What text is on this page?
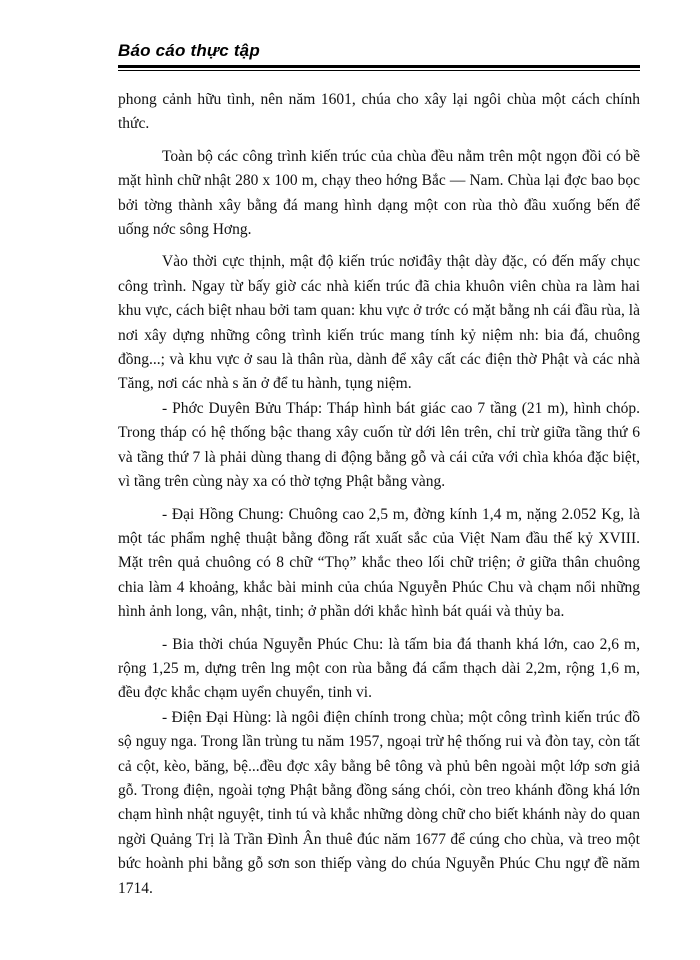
Báo cáo thực tập

phong cảnh hữu tình, nên năm 1601, chúa cho xây lại ngôi chùa một cách chính thức.

Toàn bộ các công trình kiến trúc của chùa đều nằm trên một ngọn đồi có bề mặt hình chữ nhật 280 x 100 m, chạy theo hớng Bắc — Nam. Chùa lại đợc bao bọc bởi tờng thành xây bằng đá mang hình dạng một con rùa thò đầu xuống bến để uống nớc sông Hơng.

Vào thời cực thịnh, mật độ kiến trúc nơiđây thật dày đặc, có đến mấy chục công trình. Ngay từ bấy giờ các nhà kiến trúc đã chia khuôn viên chùa ra làm hai khu vực, cách biệt nhau bởi tam quan: khu vực ở trớc có mặt bằng nh cái đầu rùa, là nơi xây dựng những công trình kiến trúc mang tính kỷ niệm nh: bia đá, chuông đồng...; và khu vực ở sau là thân rùa, dành để xây cất các điện thờ Phật và các nhà Tăng, nơi các nhà s ăn ở để tu hành, tụng niệm.

- Phớc Duyên Bửu Tháp: Tháp hình bát giác cao 7 tầng (21 m), hình chóp. Trong tháp có hệ thống bậc thang xây cuốn từ dới lên trên, chỉ trừ giữa tầng thứ 6 và tầng thứ 7 là phải dùng thang di động bằng gỗ và cái cửa với chìa khóa đặc biệt, vì tầng trên cùng này xa có thờ tợng Phật bằng vàng.

- Đại Hồng Chung: Chuông cao 2,5 m, đờng kính 1,4 m, nặng 2.052 Kg, là một tác phẩm nghệ thuật bằng đồng rất xuất sắc của Việt Nam đầu thế kỷ XVIII. Mặt trên quả chuông có 8 chữ “Thọ” khắc theo lối chữ triện; ở giữa thân chuông chia làm 4 khoảng, khắc bài minh của chúa Nguyễn Phúc Chu và chạm nổi những hình ảnh long, vân, nhật, tinh; ở phần dới khắc hình bát quái và thủy ba.

- Bia thời chúa Nguyễn Phúc Chu: là tấm bia đá thanh khá lớn, cao 2,6 m, rộng 1,25 m, dựng trên lng một con rùa bằng đá cẩm thạch dài 2,2m, rộng 1,6 m, đều đợc khắc chạm uyển chuyển, tinh vi.

- Điện Đại Hùng: là ngôi điện chính trong chùa; một công trình kiến trúc đồ sộ nguy nga. Trong lần trùng tu năm 1957, ngoại trừ hệ thống rui và đòn tay, còn tất cả cột, kèo, băng, bệ...đều đợc xây bằng bê tông và phủ bên ngoài một lớp sơn giả gỗ. Trong điện, ngoài tợng Phật bằng đồng sáng chói, còn treo khánh đồng khá lớn chạm hình nhật nguyệt, tinh tú và khắc những dòng chữ cho biết khánh này do quan ngời Quảng Trị là Trần Đình Ân thuê đúc năm 1677 để cúng cho chùa, và treo một bức hoành phi bằng gỗ sơn son thiếp vàng do chúa Nguyễn Phúc Chu ngự đề năm 1714.
